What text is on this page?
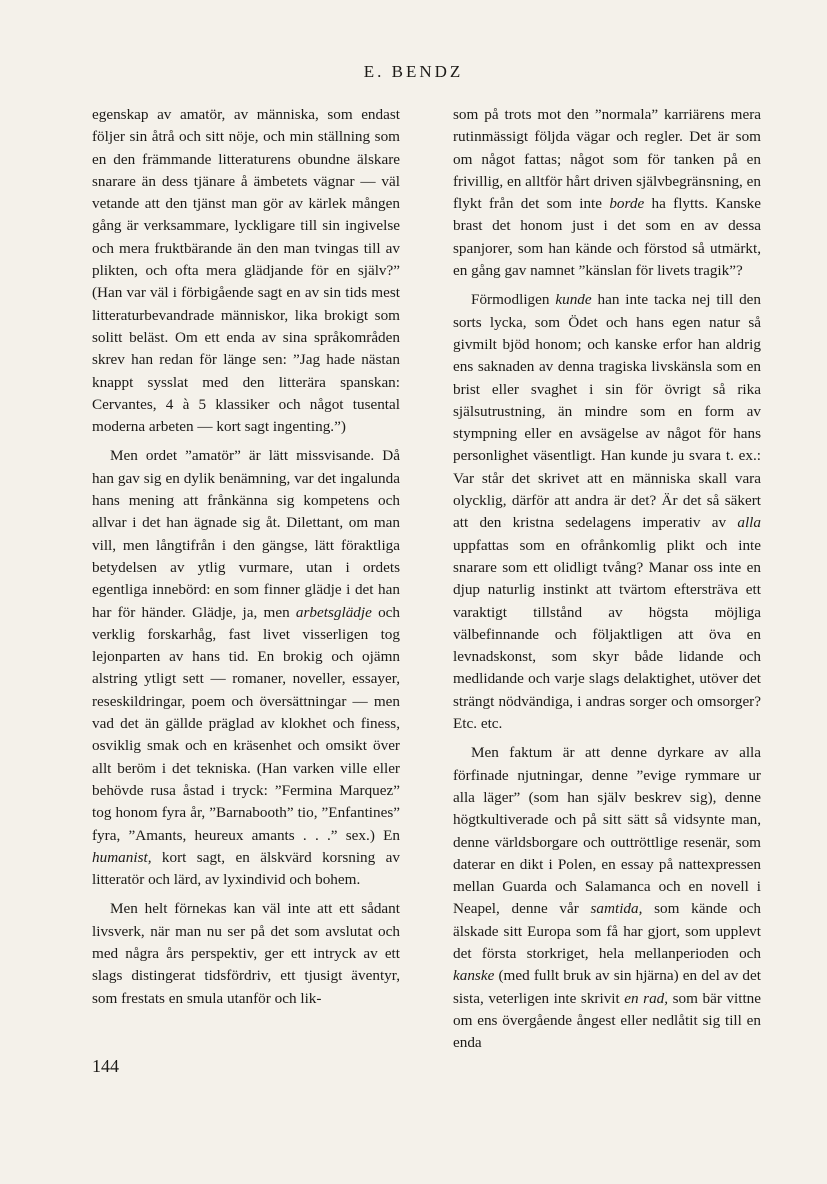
E. BENDZ

egenskap av amatör, av människa, som endast följer sin åtrå och sitt nöje, och min ställning som en den främmande litteraturens obundne älskare snarare än dess tjänare å ämbetets vägnar — väl vetande att den tjänst man gör av kärlek mången gång är verksammare, lyckligare till sin ingivelse och mera fruktbärande än den man tvingas till av plikten, och ofta mera glädjande för en själv?” (Han var väl i förbigående sagt en av sin tids mest litteraturbevandrade människor, lika brokigt som solitt beläst. Om ett enda av sina språkområden skrev han redan för länge sen: ”Jag hade nästan knappt sysslat med den litterära spanskan: Cervantes, 4 à 5 klassiker och något tusental moderna arbeten — kort sagt ingenting.”)

Men ordet ”amatör” är lätt missvisande. Då han gav sig en dylik benämning, var det ingalunda hans mening att frånkänna sig kompetens och allvar i det han ägnade sig åt. Dilettant, om man vill, men långtifrån i den gängse, lätt föraktliga betydelsen av ytlig vurmare, utan i ordets egentliga innebörd: en som finner glädje i det han har för händer. Glädje, ja, men arbetsglädje och verklig forskarhåg, fast livet visserligen tog lejonparten av hans tid. En brokig och ojämn alstring ytligt sett — romaner, noveller, essayer, reseskildringar, poem och översättningar — men vad det än gällde präglad av klokhet och finess, osviklig smak och en kräsenhet och omsikt över allt beröm i det tekniska. (Han varken ville eller behövde rusa åstad i tryck: ”Fermina Marquez” tog honom fyra år, ”Barnabooth” tio, ”Enfantines” fyra, ”Amants, heureux amants . . .” sex.) En humanist, kort sagt, en älskvärd korsning av litteratör och lärd, av lyxindivid och bohem.

Men helt förnekas kan väl inte att ett sådant livsverk, när man nu ser på det som avslutat och med några års perspektiv, ger ett intryck av ett slags distingerat tidsfördriv, ett tjusigt äventyr, som frestats en smula utanför och lik-

som på trots mot den ”normala” karriärens mera rutinmässigt följda vägar och regler. Det är som om något fattas; något som för tanken på en frivillig, en alltför hårt driven självbegränsning, en flykt från det som inte borde ha flytts. Kanske brast det honom just i det som en av dessa spanjorer, som han kände och förstod så utmärkt, en gång gav namnet ”känslan för livets tragik”?

Förmodligen kunde han inte tacka nej till den sorts lycka, som Ödet och hans egen natur så givmilt bjöd honom; och kanske erfor han aldrig ens saknaden av denna tragiska livskänsla som en brist eller svaghet i sin för övrigt så rika själsutrustning, än mindre som en form av stympning eller en avsägelse av något för hans personlighet väsentligt. Han kunde ju svara t. ex.: Var står det skrivet att en människa skall vara olycklig, därför att andra är det? Är det så säkert att den kristna sedelagens imperativ av alla uppfattas som en ofrånkomlig plikt och inte snarare som ett olidligt tvång? Manar oss inte en djup naturlig instinkt att tvärtom eftersträva ett varaktigt tillstånd av högsta möjliga välbefinnande och följaktligen att öva en levnadskonst, som skyr både lidande och medlidande och varje slags delaktighet, utöver det strängt nödvändiga, i andras sorger och omsorger? Etc. etc.

Men faktum är att denne dyrkare av alla förfinade njutningar, denne ”evige rymmare ur alla läger” (som han själv beskrev sig), denne högtkultiverade och på sitt sätt så vidsynte man, denne världsborgare och outtröttlige resenär, som daterar en dikt i Polen, en essay på nattexpressen mellan Guarda och Salamanca och en novell i Neapel, denne vår samtida, som kände och älskade sitt Europa som få har gjort, som upplevt det första storkriget, hela mellanperioden och kanske (med fullt bruk av sin hjärna) en del av det sista, veterligen inte skrivit en rad, som bär vittne om ens övergående ångest eller nedlåtit sig till en enda

144
